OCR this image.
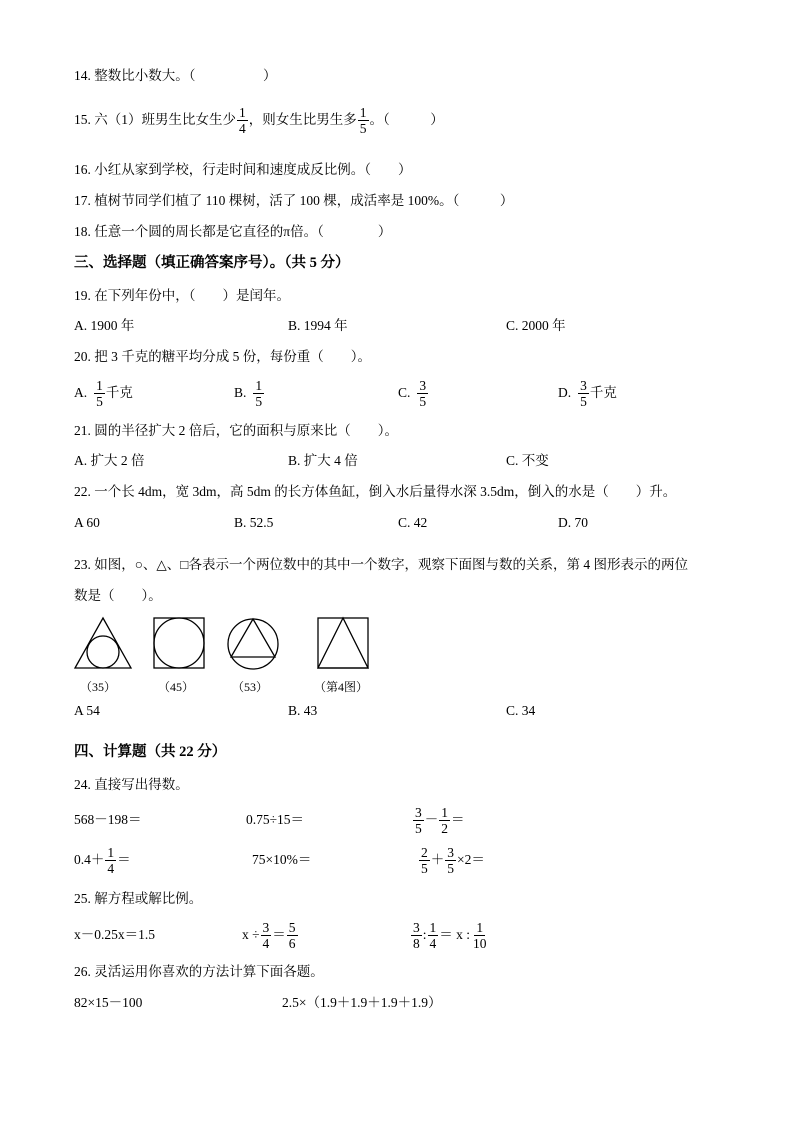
14. 整数比小数大。（　　　　　）
15. 六（1）班男生比女生少 $\frac{1}{4}$ ，则女生比男生多 $\frac{1}{5}$ 。（　　　）
16. 小红从家到学校，行走时间和速度成反比例。（　　）
17. 植树节同学们植了 110 棵树，活了 100 棵，成活率是 100%。（　　　）
18. 任意一个圆的周长都是它直径的π倍。（　　　　）
三、选择题（填正确答案序号）。（共 5 分）
19. 在下列年份中，（　　）是闰年。
A. 1900 年	B. 1994 年	C. 2000 年
20. 把 3 千克的糖平均分成 5 份，每份重（　　）。
A. $\frac{1}{5}$ 千克	B. $\frac{1}{5}$	C. $\frac{3}{5}$	D. $\frac{3}{5}$ 千克
21. 圆的半径扩大 2 倍后，它的面积与原来比（　　）。
A. 扩大 2 倍	B. 扩大 4 倍	C. 不变
22. 一个长 4dm，宽 3dm，高 5dm 的长方体鱼缸，倒入水后量得水深 3.5dm，倒入的水是（　　）升。
A 60	B. 52.5	C. 42	D. 70
23. 如图，○、△、□各表示一个两位数中的其中一个数字，观察下面图与数的关系，第 4 图形表示的两位
数是（　　）。
（35）	（45）	（53）	（第4图）
A 54	B. 43	C. 34
四、计算题（共 22 分）
24. 直接写出得数。
568－198＝	0.75÷15＝	$\frac{3}{5} - \frac{1}{2}$ ＝
$0.4+ \frac{1}{4}$ ＝	75×10%＝	$\frac{2}{5} + \frac{3}{5} \times 2=$
25. 解方程或解比例。
x－0.25x＝1.5	$x \div \frac{3}{4} = \frac{5}{6}$	$\frac{3}{8}$ : $\frac{1}{4} = x$ : $\frac{1}{10}$
26. 灵活运用你喜欢的方法计算下面各题。
82×15－100	2.5×（1.9＋1.9＋1.9＋1.9）
